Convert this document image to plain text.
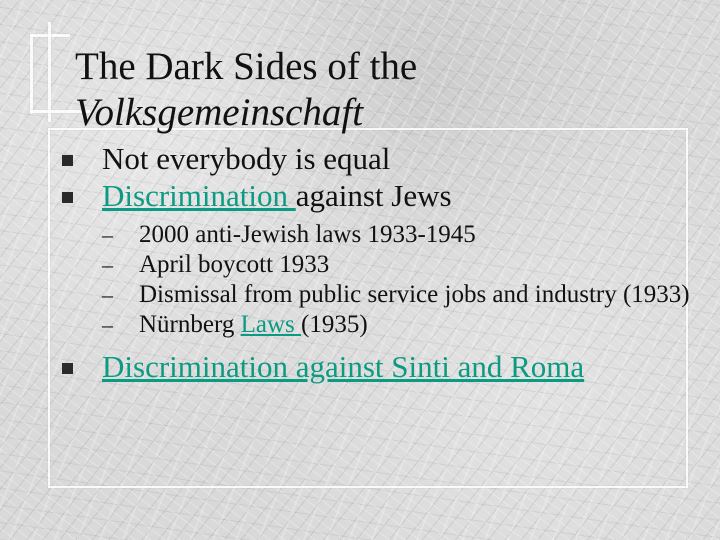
The Dark Sides of the
Volksgemeinschaft
Not everybody is equal
Discrimination against Jews
– 2000 anti-Jewish laws 1933-1945
– April boycott 1933
– Dismissal from public service jobs and industry (1933)
– Nürnberg Laws (1935)
Discrimination against Sinti and Roma
